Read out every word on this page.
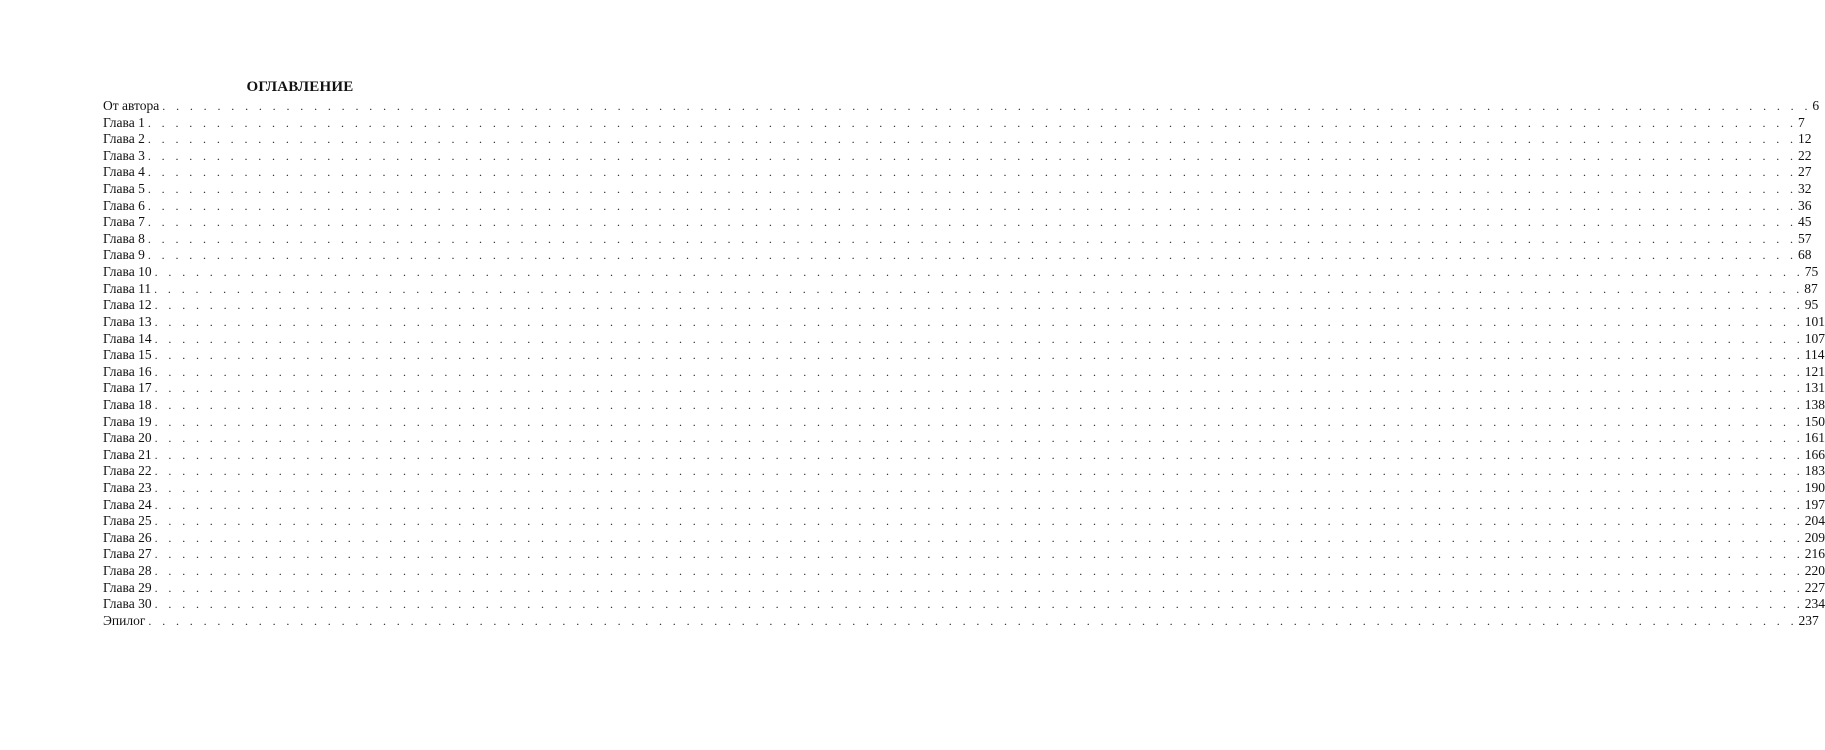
ОГЛАВЛЕНИЕ
От автора . . . . . . . . . . . . . . . . . . . . . . . . . . . . . . . . . . . . . . . . . . . . . . . . . . . . . . . . . . . . . . . . . . . . . . . . . . . . . . . . . . . . . . . . . . . . . . . . . . . . . . . . . . . . . . . . . . . . . . . . 6
Глава 1 . . . . . . . . . . . . . . . . . . . . . . . . . . . . . . . . . . . . . . . . . . . . . . . . . . . . . . . . . . . . . . . . . . . . . . . . . . . . . . . . . . . . . . . . . . . . . . . . . . . . . . . . . . . . . . . . . . . . . . . . 7
Глава 2 . . . . . . . . . . . . . . . . . . . . . . . . . . . . . . . . . . . . . . . . . . . . . . . . . . . . . . . . . . . . . . . . . . . . . . . . . . . . . . . . . . . . . . . . . . . . . . . . . . . . . . . . . . . . . . . . . . . . . . . . 12
Глава 3 . . . . . . . . . . . . . . . . . . . . . . . . . . . . . . . . . . . . . . . . . . . . . . . . . . . . . . . . . . . . . . . . . . . . . . . . . . . . . . . . . . . . . . . . . . . . . . . . . . . . . . . . . . . . . . . . . . . . . . . . 22
Глава 4 . . . . . . . . . . . . . . . . . . . . . . . . . . . . . . . . . . . . . . . . . . . . . . . . . . . . . . . . . . . . . . . . . . . . . . . . . . . . . . . . . . . . . . . . . . . . . . . . . . . . . . . . . . . . . . . . . . . . . . . . 27
Глава 5 . . . . . . . . . . . . . . . . . . . . . . . . . . . . . . . . . . . . . . . . . . . . . . . . . . . . . . . . . . . . . . . . . . . . . . . . . . . . . . . . . . . . . . . . . . . . . . . . . . . . . . . . . . . . . . . . . . . . . . . . 32
Глава 6 . . . . . . . . . . . . . . . . . . . . . . . . . . . . . . . . . . . . . . . . . . . . . . . . . . . . . . . . . . . . . . . . . . . . . . . . . . . . . . . . . . . . . . . . . . . . . . . . . . . . . . . . . . . . . . . . . . . . . . . . 36
Глава 7 . . . . . . . . . . . . . . . . . . . . . . . . . . . . . . . . . . . . . . . . . . . . . . . . . . . . . . . . . . . . . . . . . . . . . . . . . . . . . . . . . . . . . . . . . . . . . . . . . . . . . . . . . . . . . . . . . . . . . . . . 45
Глава 8 . . . . . . . . . . . . . . . . . . . . . . . . . . . . . . . . . . . . . . . . . . . . . . . . . . . . . . . . . . . . . . . . . . . . . . . . . . . . . . . . . . . . . . . . . . . . . . . . . . . . . . . . . . . . . . . . . . . . . . . . 57
Глава 9 . . . . . . . . . . . . . . . . . . . . . . . . . . . . . . . . . . . . . . . . . . . . . . . . . . . . . . . . . . . . . . . . . . . . . . . . . . . . . . . . . . . . . . . . . . . . . . . . . . . . . . . . . . . . . . . . . . . . . . . . 68
Глава 10 . . . . . . . . . . . . . . . . . . . . . . . . . . . . . . . . . . . . . . . . . . . . . . . . . . . . . . . . . . . . . . . . . . . . . . . . . . . . . . . . . . . . . . . . . . . . . . . . . . . . . . . . . . . . . . . . . . . . . . . . 75
Глава 11 . . . . . . . . . . . . . . . . . . . . . . . . . . . . . . . . . . . . . . . . . . . . . . . . . . . . . . . . . . . . . . . . . . . . . . . . . . . . . . . . . . . . . . . . . . . . . . . . . . . . . . . . . . . . . . . . . . . . . . . . 87
Глава 12 . . . . . . . . . . . . . . . . . . . . . . . . . . . . . . . . . . . . . . . . . . . . . . . . . . . . . . . . . . . . . . . . . . . . . . . . . . . . . . . . . . . . . . . . . . . . . . . . . . . . . . . . . . . . . . . . . . . . . . . . 95
Глава 13 . . . . . . . . . . . . . . . . . . . . . . . . . . . . . . . . . . . . . . . . . . . . . . . . . . . . . . . . . . . . . . . . . . . . . . . . . . . . . . . . . . . . . . . . . . . . . . . . . . . . . . . . . . . . . . . . . . . . . . . . 101
Глава 14 . . . . . . . . . . . . . . . . . . . . . . . . . . . . . . . . . . . . . . . . . . . . . . . . . . . . . . . . . . . . . . . . . . . . . . . . . . . . . . . . . . . . . . . . . . . . . . . . . . . . . . . . . . . . . . . . . . . . . . . . 107
Глава 15 . . . . . . . . . . . . . . . . . . . . . . . . . . . . . . . . . . . . . . . . . . . . . . . . . . . . . . . . . . . . . . . . . . . . . . . . . . . . . . . . . . . . . . . . . . . . . . . . . . . . . . . . . . . . . . . . . . . . . . . . 114
Глава 16 . . . . . . . . . . . . . . . . . . . . . . . . . . . . . . . . . . . . . . . . . . . . . . . . . . . . . . . . . . . . . . . . . . . . . . . . . . . . . . . . . . . . . . . . . . . . . . . . . . . . . . . . . . . . . . . . . . . . . . . . 121
Глава 17 . . . . . . . . . . . . . . . . . . . . . . . . . . . . . . . . . . . . . . . . . . . . . . . . . . . . . . . . . . . . . . . . . . . . . . . . . . . . . . . . . . . . . . . . . . . . . . . . . . . . . . . . . . . . . . . . . . . . . . . . 131
Глава 18 . . . . . . . . . . . . . . . . . . . . . . . . . . . . . . . . . . . . . . . . . . . . . . . . . . . . . . . . . . . . . . . . . . . . . . . . . . . . . . . . . . . . . . . . . . . . . . . . . . . . . . . . . . . . . . . . . . . . . . . . 138
Глава 19 . . . . . . . . . . . . . . . . . . . . . . . . . . . . . . . . . . . . . . . . . . . . . . . . . . . . . . . . . . . . . . . . . . . . . . . . . . . . . . . . . . . . . . . . . . . . . . . . . . . . . . . . . . . . . . . . . . . . . . . . 150
Глава 20 . . . . . . . . . . . . . . . . . . . . . . . . . . . . . . . . . . . . . . . . . . . . . . . . . . . . . . . . . . . . . . . . . . . . . . . . . . . . . . . . . . . . . . . . . . . . . . . . . . . . . . . . . . . . . . . . . . . . . . . . 161
Глава 21 . . . . . . . . . . . . . . . . . . . . . . . . . . . . . . . . . . . . . . . . . . . . . . . . . . . . . . . . . . . . . . . . . . . . . . . . . . . . . . . . . . . . . . . . . . . . . . . . . . . . . . . . . . . . . . . . . . . . . . . . 166
Глава 22 . . . . . . . . . . . . . . . . . . . . . . . . . . . . . . . . . . . . . . . . . . . . . . . . . . . . . . . . . . . . . . . . . . . . . . . . . . . . . . . . . . . . . . . . . . . . . . . . . . . . . . . . . . . . . . . . . . . . . . . . 183
Глава 23 . . . . . . . . . . . . . . . . . . . . . . . . . . . . . . . . . . . . . . . . . . . . . . . . . . . . . . . . . . . . . . . . . . . . . . . . . . . . . . . . . . . . . . . . . . . . . . . . . . . . . . . . . . . . . . . . . . . . . . . . 190
Глава 24 . . . . . . . . . . . . . . . . . . . . . . . . . . . . . . . . . . . . . . . . . . . . . . . . . . . . . . . . . . . . . . . . . . . . . . . . . . . . . . . . . . . . . . . . . . . . . . . . . . . . . . . . . . . . . . . . . . . . . . . . 197
Глава 25 . . . . . . . . . . . . . . . . . . . . . . . . . . . . . . . . . . . . . . . . . . . . . . . . . . . . . . . . . . . . . . . . . . . . . . . . . . . . . . . . . . . . . . . . . . . . . . . . . . . . . . . . . . . . . . . . . . . . . . . . 204
Глава 26 . . . . . . . . . . . . . . . . . . . . . . . . . . . . . . . . . . . . . . . . . . . . . . . . . . . . . . . . . . . . . . . . . . . . . . . . . . . . . . . . . . . . . . . . . . . . . . . . . . . . . . . . . . . . . . . . . . . . . . . . 209
Глава 27 . . . . . . . . . . . . . . . . . . . . . . . . . . . . . . . . . . . . . . . . . . . . . . . . . . . . . . . . . . . . . . . . . . . . . . . . . . . . . . . . . . . . . . . . . . . . . . . . . . . . . . . . . . . . . . . . . . . . . . . . 216
Глава 28 . . . . . . . . . . . . . . . . . . . . . . . . . . . . . . . . . . . . . . . . . . . . . . . . . . . . . . . . . . . . . . . . . . . . . . . . . . . . . . . . . . . . . . . . . . . . . . . . . . . . . . . . . . . . . . . . . . . . . . . . 220
Глава 29 . . . . . . . . . . . . . . . . . . . . . . . . . . . . . . . . . . . . . . . . . . . . . . . . . . . . . . . . . . . . . . . . . . . . . . . . . . . . . . . . . . . . . . . . . . . . . . . . . . . . . . . . . . . . . . . . . . . . . . . . 227
Глава 30 . . . . . . . . . . . . . . . . . . . . . . . . . . . . . . . . . . . . . . . . . . . . . . . . . . . . . . . . . . . . . . . . . . . . . . . . . . . . . . . . . . . . . . . . . . . . . . . . . . . . . . . . . . . . . . . . . . . . . . . . 234
Эпилог . . . . . . . . . . . . . . . . . . . . . . . . . . . . . . . . . . . . . . . . . . . . . . . . . . . . . . . . . . . . . . . . . . . . . . . . . . . . . . . . . . . . . . . . . . . . . . . . . . . . . . . . . . . . . . . . . . . . . . . . 237
